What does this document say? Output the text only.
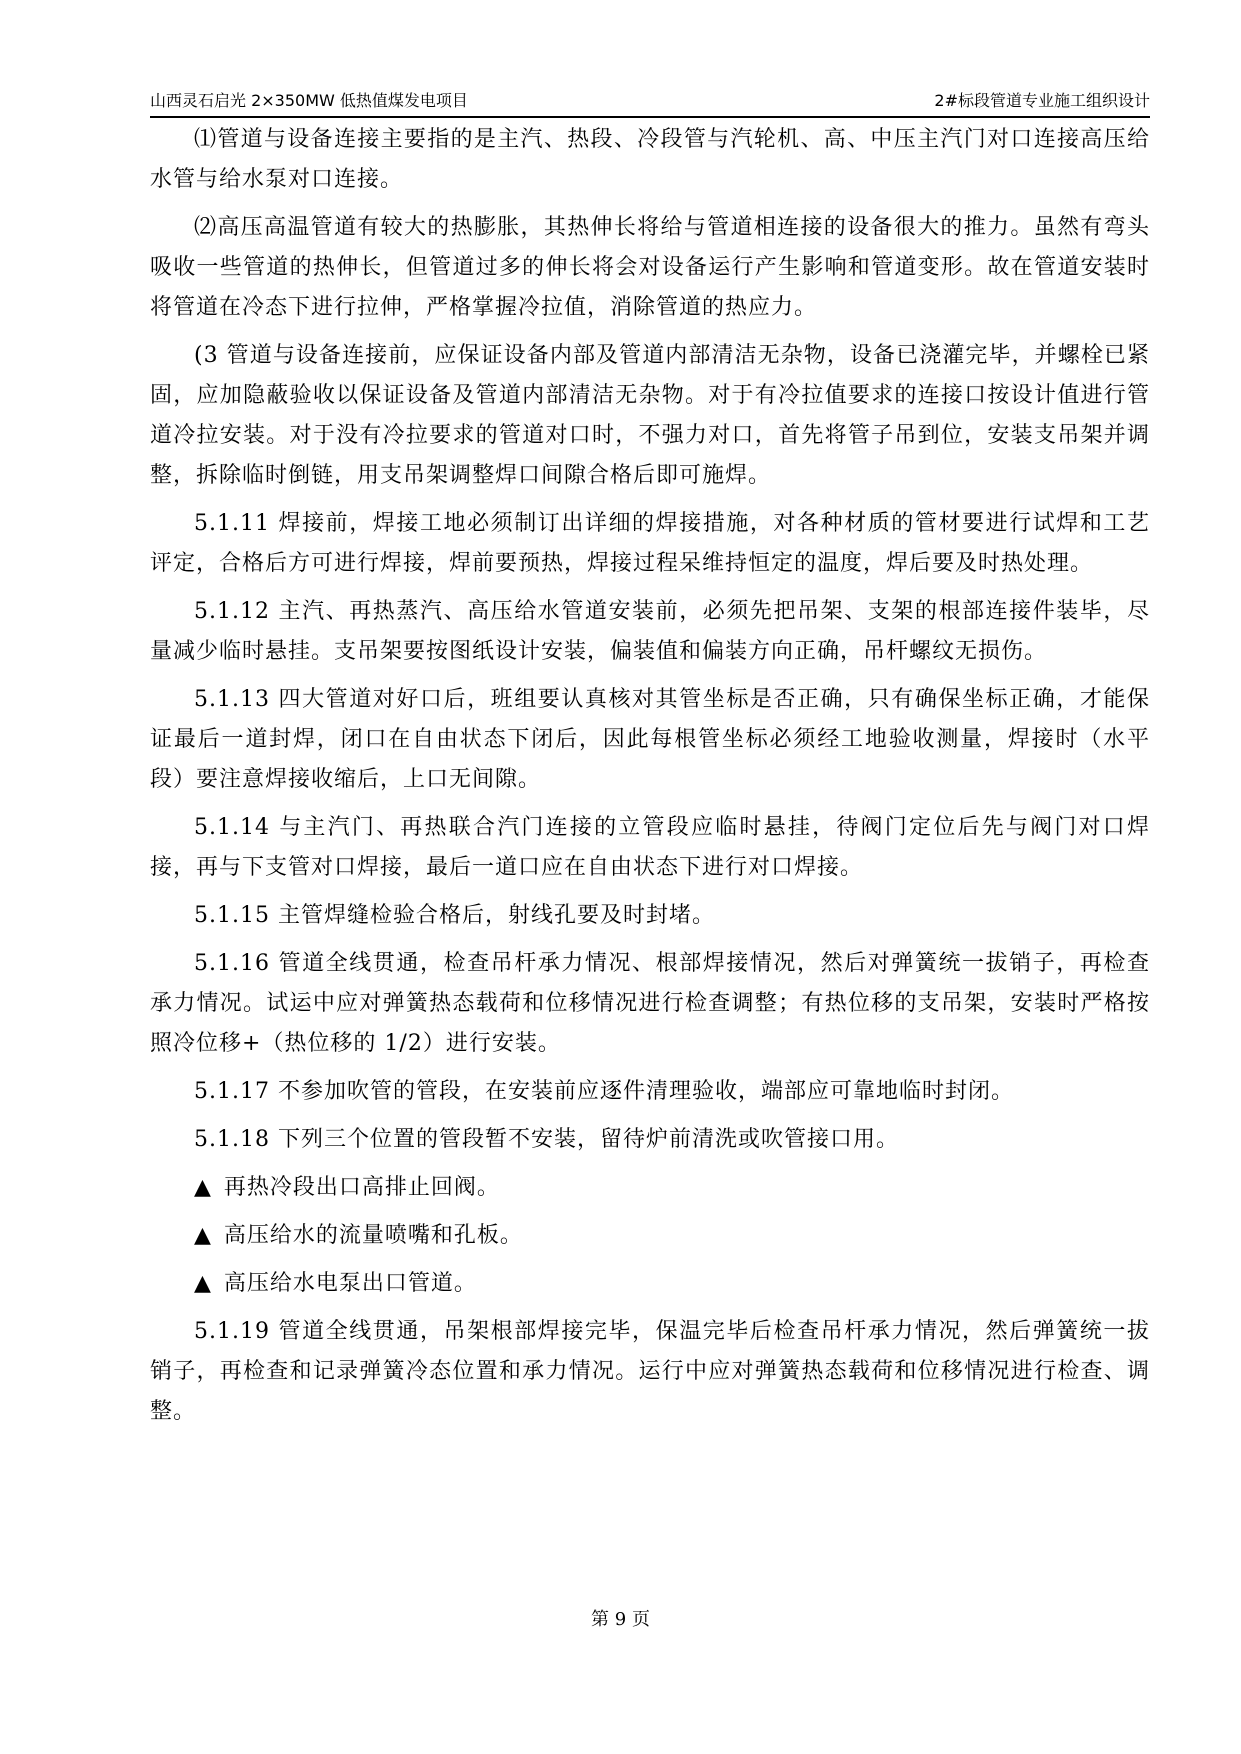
山西灵石启光 2×350MW 低热值煤发电项目	2#标段管道专业施工组织设计

⑴管道与设备连接主要指的是主汽、热段、冷段管与汽轮机、高、中压主汽门对口连接高压给水管与给水泵对口连接。

⑵高压高温管道有较大的热膨胀，其热伸长将给与管道相连接的设备很大的推力。虽然有弯头吸收一些管道的热伸长，但管道过多的伸长将会对设备运行产生影响和管道变形。故在管道安装时将管道在冷态下进行拉伸，严格掌握冷拉值，消除管道的热应力。

(3 管道与设备连接前，应保证设备内部及管道内部清洁无杂物，设备已浇灌完毕，并螺栓已紧固，应加隐蔽验收以保证设备及管道内部清洁无杂物。对于有冷拉值要求的连接口按设计值进行管道冷拉安装。对于没有冷拉要求的管道对口时，不强力对口，首先将管子吊到位，安装支吊架并调整，拆除临时倒链，用支吊架调整焊口间隙合格后即可施焊。

5.1.11 焊接前，焊接工地必须制订出详细的焊接措施，对各种材质的管材要进行试焊和工艺评定，合格后方可进行焊接，焊前要预热，焊接过程呆维持恒定的温度，焊后要及时热处理。

5.1.12 主汽、再热蒸汽、高压给水管道安装前，必须先把吊架、支架的根部连接件装毕，尽量减少临时悬挂。支吊架要按图纸设计安装，偏装值和偏装方向正确，吊杆螺纹无损伤。

5.1.13 四大管道对好口后，班组要认真核对其管坐标是否正确，只有确保坐标正确，才能保证最后一道封焊，闭口在自由状态下闭后，因此每根管坐标必须经工地验收测量，焊接时（水平段）要注意焊接收缩后，上口无间隙。

5.1.14 与主汽门、再热联合汽门连接的立管段应临时悬挂，待阀门定位后先与阀门对口焊接，再与下支管对口焊接，最后一道口应在自由状态下进行对口焊接。

5.1.15 主管焊缝检验合格后，射线孔要及时封堵。

5.1.16 管道全线贯通，检查吊杆承力情况、根部焊接情况，然后对弹簧统一拔销子，再检查承力情况。试运中应对弹簧热态载荷和位移情况进行检查调整；有热位移的支吊架，安装时严格按照冷位移+（热位移的 1/2）进行安装。

5.1.17 不参加吹管的管段，在安装前应逐件清理验收，端部应可靠地临时封闭。

5.1.18 下列三个位置的管段暂不安装，留待炉前清洗或吹管接口用。

▲ 再热冷段出口高排止回阀。

▲ 高压给水的流量喷嘴和孔板。

▲ 高压给水电泵出口管道。

5.1.19 管道全线贯通，吊架根部焊接完毕，保温完毕后检查吊杆承力情况，然后弹簧统一拔销子，再检查和记录弹簧冷态位置和承力情况。运行中应对弹簧热态载荷和位移情况进行检查、调整。

第 9 页
